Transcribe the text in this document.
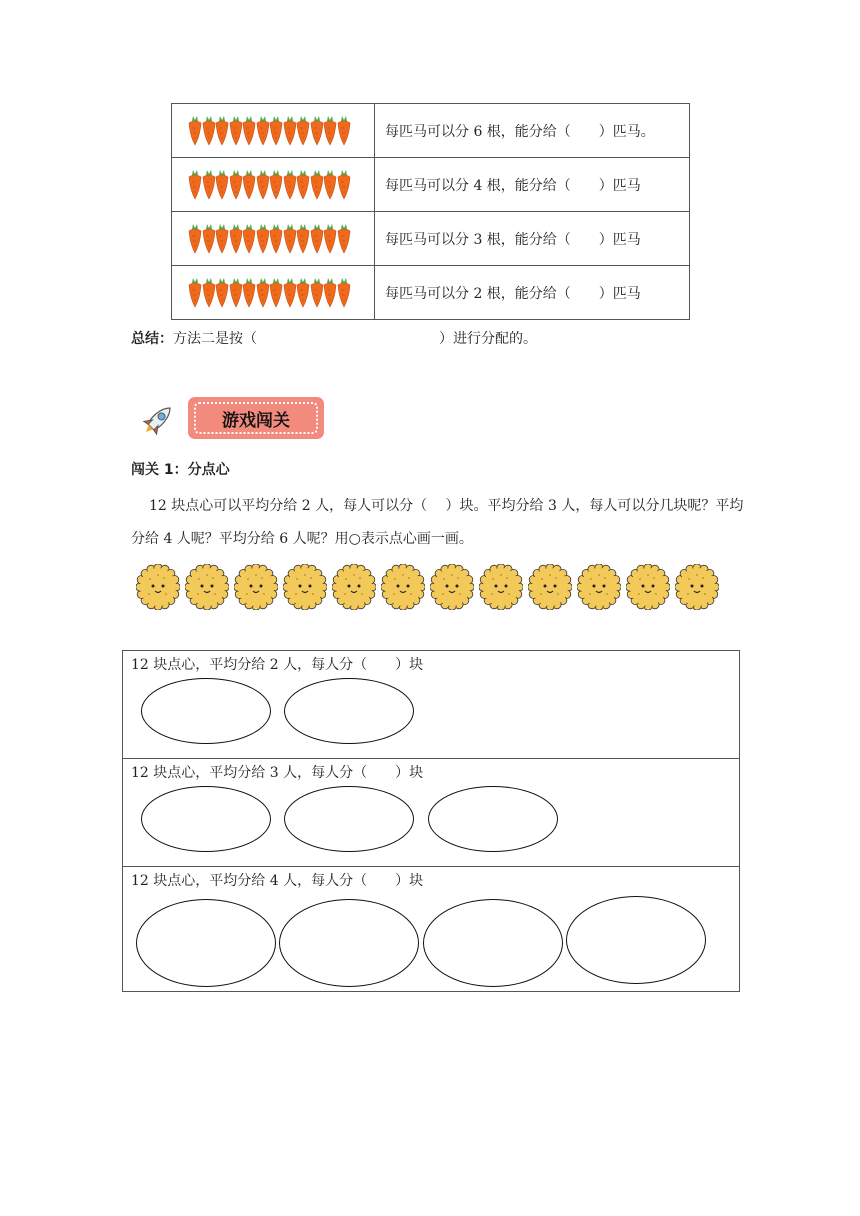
	每匹马可以分 6 根，能分给（　　）匹马。

	每匹马可以分 4 根，能分给（　　）匹马

	每匹马可以分 3 根，能分给（　　）匹马

	每匹马可以分 2 根，能分给（　　）匹马
总结：方法二是按（　　　　　　　　　　　　　）进行分配的。
游戏闯关
闯关 1：分点心
12 块点心可以平均分给 2 人，每人可以分（　 ）块。平均分给 3 人，每人可以分几块呢？平均分给 4 人呢？平均分给 6 人呢？用○表示点心画一画。
12 块点心，平均分给 2 人，每人分（　　）块
12 块点心，平均分给 3 人，每人分（　　）块
12 块点心，平均分给 4 人，每人分（　　）块
